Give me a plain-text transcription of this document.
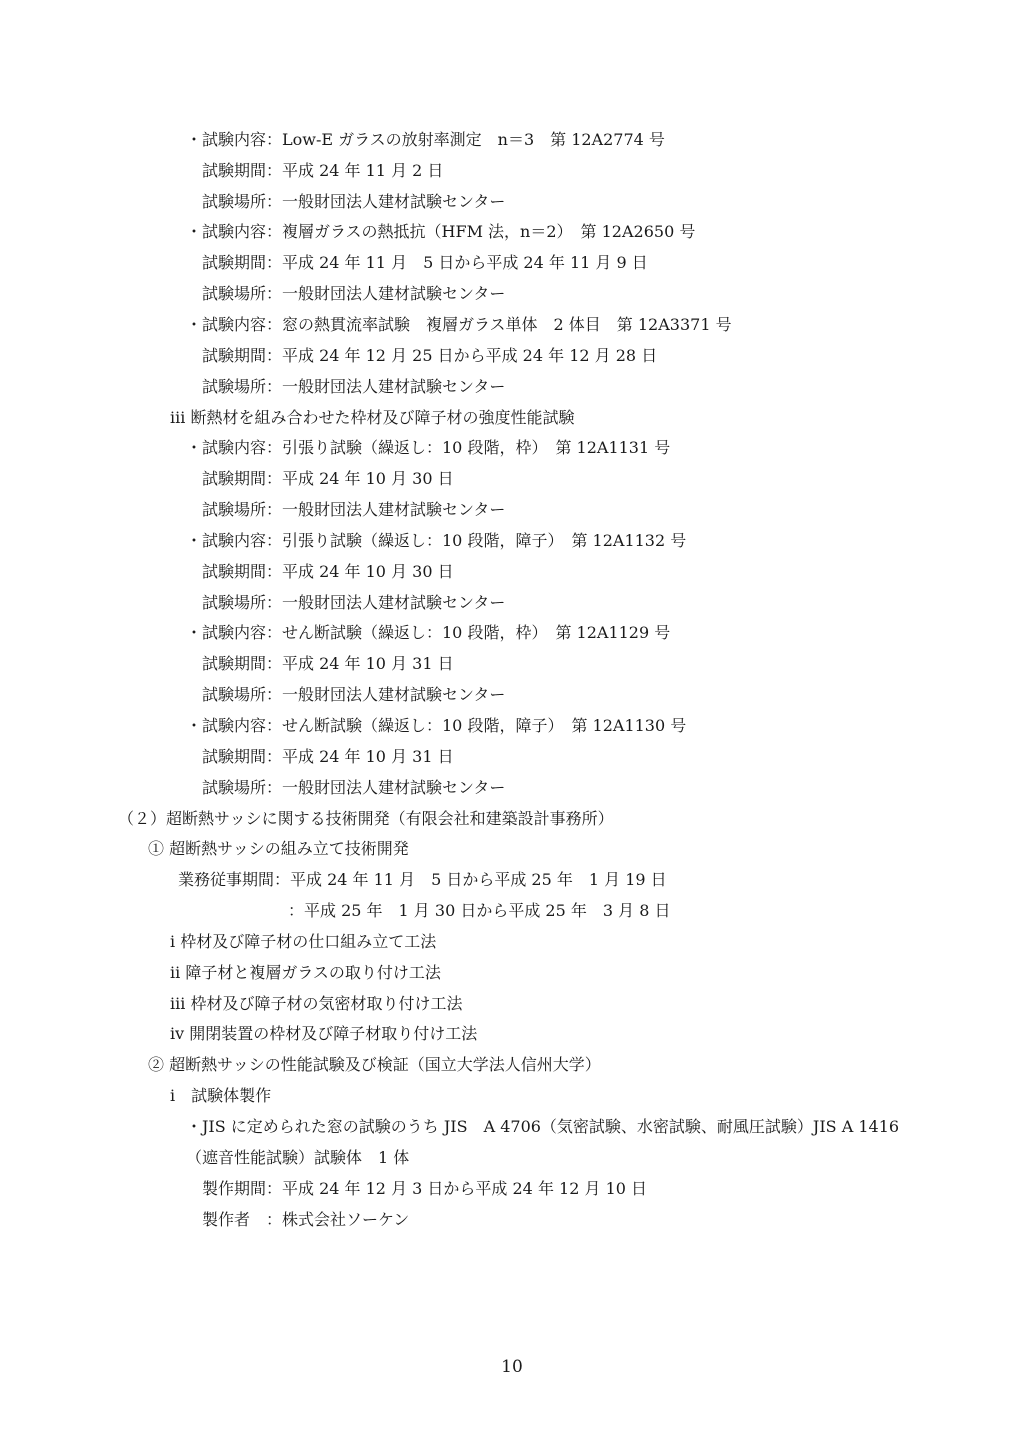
・試験内容：Low-E ガラスの放射率測定　n＝3　第 12A2774 号
試験期間：平成 24 年 11 月 2 日
試験場所：一般財団法人建材試験センター
・試験内容：複層ガラスの熱抵抗（HFM 法，n＝2）　第 12A2650 号
試験期間：平成 24 年 11 月　5 日から平成 24 年 11 月 9 日
試験場所：一般財団法人建材試験センター
・試験内容：窓の熱貫流率試験　複層ガラス単体　2 体目　第 12A3371 号
試験期間：平成 24 年 12 月 25 日から平成 24 年 12 月 28 日
試験場所：一般財団法人建材試験センター
ⅲ 断熱材を組み合わせた枠材及び障子材の強度性能試験
・試験内容：引張り試験（繰返し：10 段階，枠）　第 12A1131 号
試験期間：平成 24 年 10 月 30 日
試験場所：一般財団法人建材試験センター
・試験内容：引張り試験（繰返し：10 段階，障子）　第 12A1132 号
試験期間：平成 24 年 10 月 30 日
試験場所：一般財団法人建材試験センター
・試験内容：せん断試験（繰返し：10 段階，枠）　第 12A1129 号
試験期間：平成 24 年 10 月 31 日
試験場所：一般財団法人建材試験センター
・試験内容：せん断試験（繰返し：10 段階，障子）　第 12A1130 号
試験期間：平成 24 年 10 月 31 日
試験場所：一般財団法人建材試験センター
（２）超断熱サッシに関する技術開発（有限会社和建築設計事務所）
① 超断熱サッシの組み立て技術開発
業務従事期間：平成 24 年 11 月　5 日から平成 25 年　1 月 19 日
：平成 25 年　1 月 30 日から平成 25 年　3 月 8 日
ⅰ 枠材及び障子材の仕口組み立て工法
ⅱ 障子材と複層ガラスの取り付け工法
ⅲ 枠材及び障子材の気密材取り付け工法
ⅳ 開閉装置の枠材及び障子材取り付け工法
② 超断熱サッシの性能試験及び検証（国立大学法人信州大学）
ⅰ　試験体製作
・JIS に定められた窓の試験のうち JIS　A 4706（気密試験、水密試験、耐風圧試験）JIS A 1416
（遮音性能試験）試験体　1 体
製作期間：平成 24 年 12 月 3 日から平成 24 年 12 月 10 日
製作者　：株式会社ソーケン
10
